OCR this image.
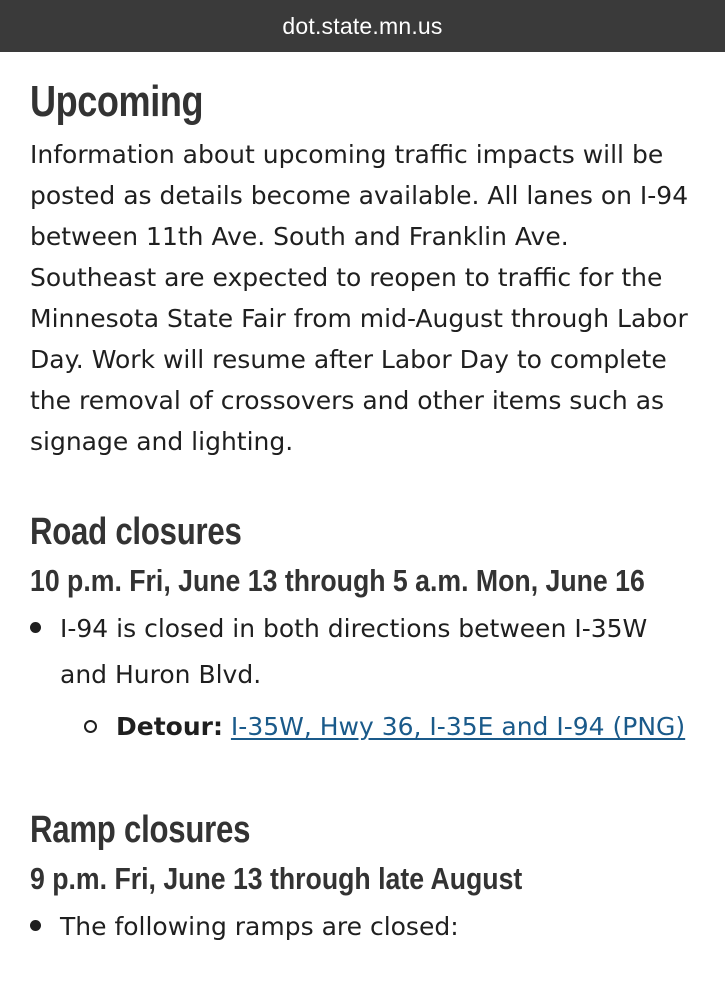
dot.state.mn.us
Upcoming

Information about upcoming traffic impacts will be posted as details become available. All lanes on I-94 between 11th Ave. South and Franklin Ave. Southeast are expected to reopen to traffic for the Minnesota State Fair from mid-August through Labor Day. Work will resume after Labor Day to complete the removal of crossovers and other items such as signage and lighting.

Road closures
10 p.m. Fri, June 13 through 5 a.m. Mon, June 16
I-94 is closed in both directions between I-35W and Huron Blvd.
Detour: I-35W, Hwy 36, I-35E and I-94 (PNG)
Ramp closures
9 p.m. Fri, June 13 through late August
The following ramps are closed:
